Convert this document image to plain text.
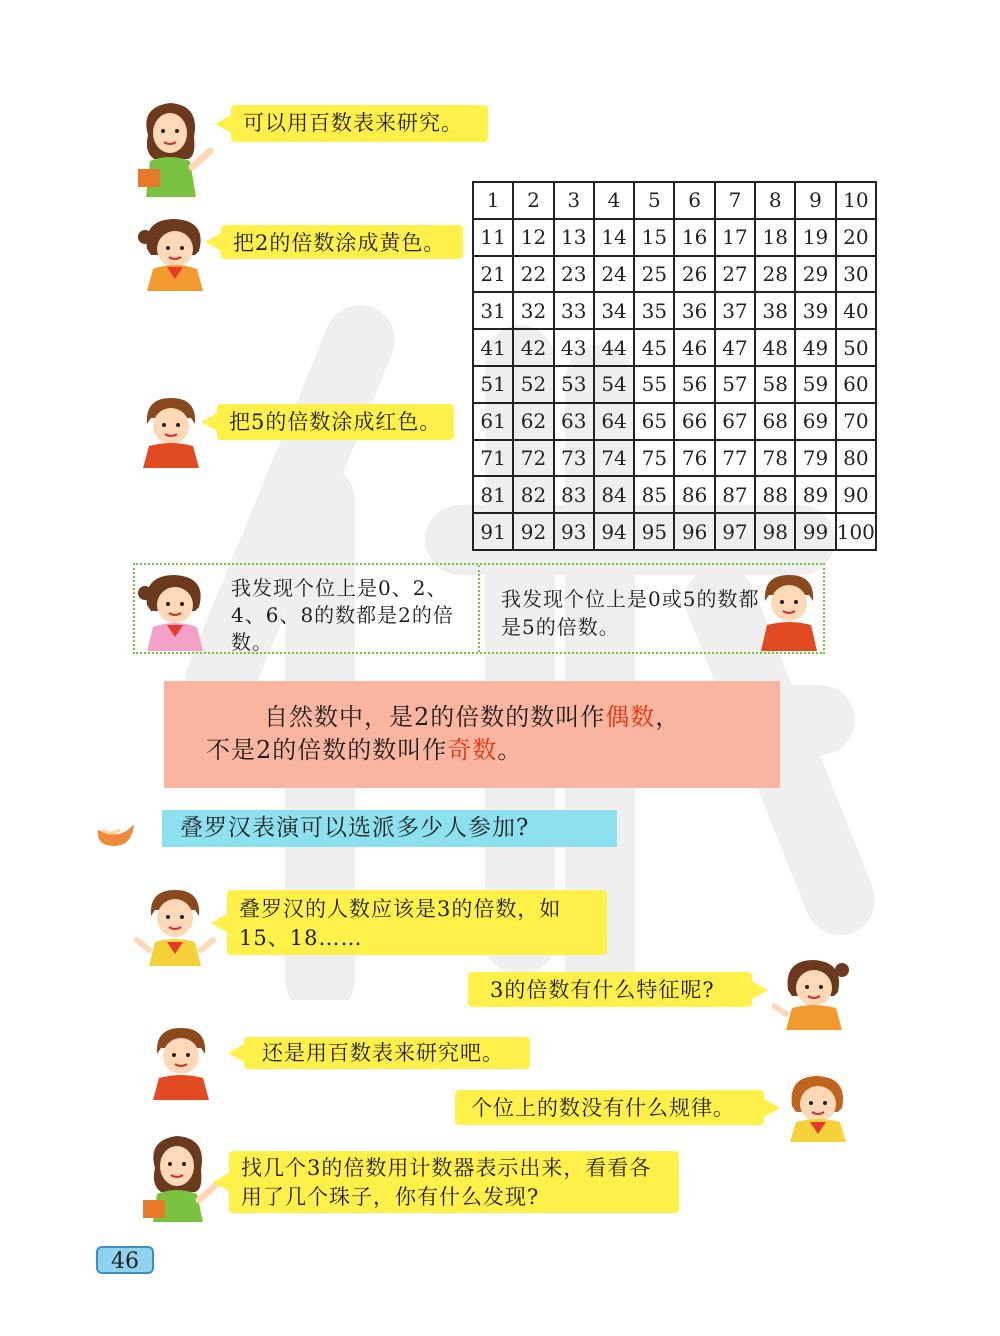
可以用百数表来研究。
把2的倍数涂成黄色。
把5的倍数涂成红色。
1	2	3	4	5	6	7	8	9	10
11	12	13	14	15	16	17	18	19	20
21	22	23	24	25	26	27	28	29	30
31	32	33	34	35	36	37	38	39	40
41	42	43	44	45	46	47	48	49	50
51	52	53	54	55	56	57	58	59	60
61	62	63	64	65	66	67	68	69	70
71	72	73	74	75	76	77	78	79	80
81	82	83	84	85	86	87	88	89	90
91	92	93	94	95	96	97	98	99	100
我发现个位上是0、2、4、6、8的数都是2的倍数。
我发现个位上是0或5的数都是5的倍数。
自然数中，是2的倍数的数叫作偶数，
不是2的倍数的数叫作奇数。
叠罗汉表演可以选派多少人参加?
叠罗汉的人数应该是3的倍数，如15、18……
3的倍数有什么特征呢?
还是用百数表来研究吧。
个位上的数没有什么规律。
找几个3的倍数用计数器表示出来，看看各用了几个珠子，你有什么发现?
46
